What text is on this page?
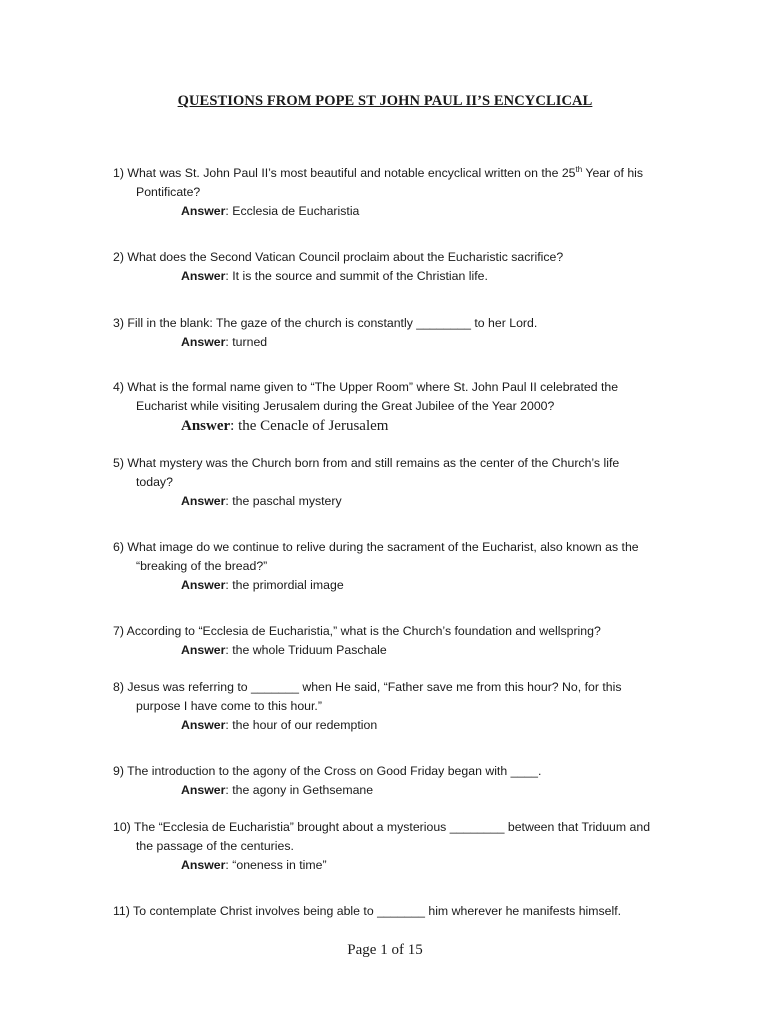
QUESTIONS FROM POPE ST JOHN PAUL II’S ENCYCLICAL
1) What was St. John Paul II’s most beautiful and notable encyclical written on the 25th Year of his
Pontificate?
Answer: Ecclesia de Eucharistia
2) What does the Second Vatican Council proclaim about the Eucharistic sacrifice?
Answer: It is the source and summit of the Christian life.
3) Fill in the blank: The gaze of the church is constantly ________ to her Lord.
Answer: turned
4) What is the formal name given to “The Upper Room” where St. John Paul II celebrated the
Eucharist while visiting Jerusalem during the Great Jubilee of the Year 2000?
Answer: the Cenacle of Jerusalem
5) What mystery was the Church born from and still remains as the center of the Church’s life
today?
Answer: the paschal mystery
6) What image do we continue to relive during the sacrament of the Eucharist, also known as the
“breaking of the bread?”
Answer: the primordial image
7) According to “Ecclesia de Eucharistia,” what is the Church’s foundation and wellspring?
Answer: the whole Triduum Paschale
8) Jesus was referring to _______ when He said, “Father save me from this hour? No, for this
purpose I have come to this hour.”
Answer: the hour of our redemption
9) The introduction to the agony of the Cross on Good Friday began with ____.
Answer: the agony in Gethsemane
10) The “Ecclesia de Eucharistia” brought about a mysterious ________ between that Triduum and
the passage of the centuries.
Answer: “oneness in time”
11) To contemplate Christ involves being able to _______ him wherever he manifests himself.
Page 1 of 15
